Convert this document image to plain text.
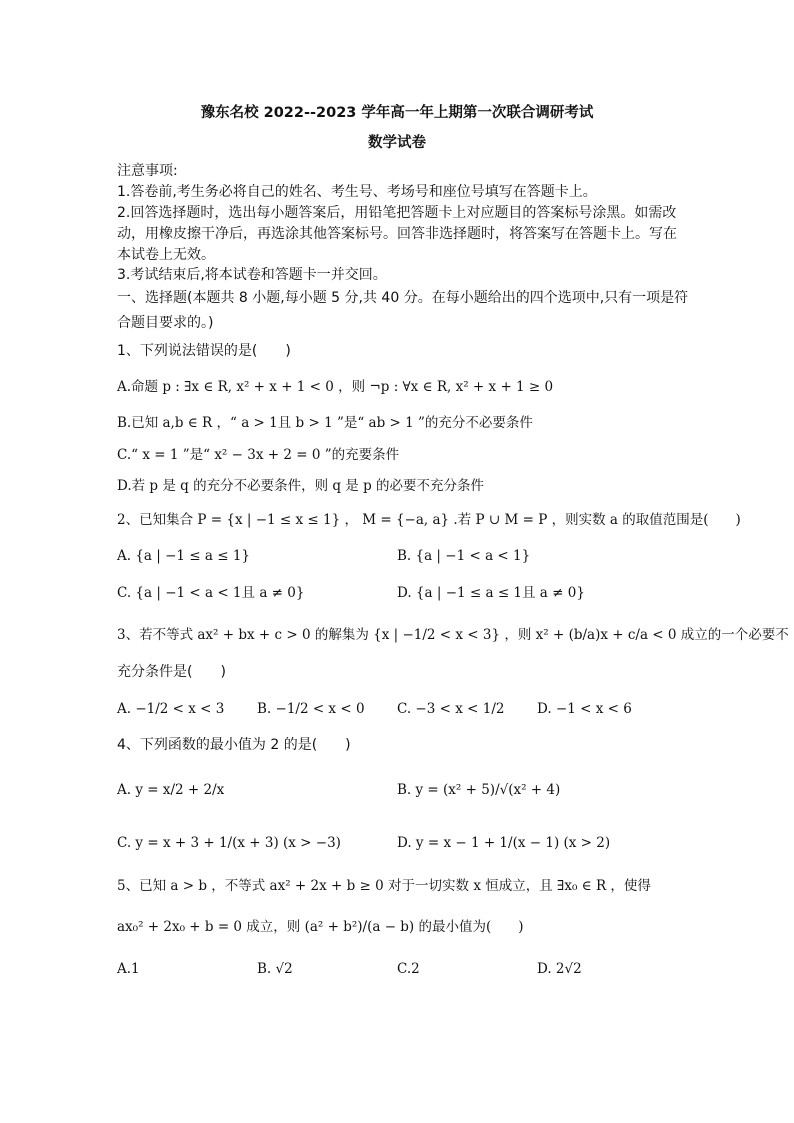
豫东名校 2022--2023 学年高一年上期第一次联合调研考试
数学试卷
注意事项:
1.答卷前,考生务必将自己的姓名、考生号、考场号和座位号填写在答题卡上。
2.回答选择题时，选出每小题答案后，用铅笔把答题卡上对应题目的答案标号涂黑。如需改
动，用橡皮擦干净后，再选涂其他答案标号。回答非选择题时，将答案写在答题卡上。写在
本试卷上无效。
3.考试结束后,将本试卷和答题卡一并交回。
一、选择题(本题共 8 小题,每小题 5 分,共 40 分。在每小题给出的四个选项中,只有一项是符
合题目要求的。)
1、下列说法错误的是(　　)
A.命题 p : ∃x ∈ R, x² + x + 1 < 0 ，则 ¬p : ∀x ∈ R, x² + x + 1 ≥ 0
B.已知 a,b ∈ R ，“ a > 1且 b > 1 ”是“ ab > 1 ”的充分不必要条件
C.“ x = 1 ”是“ x² − 3x + 2 = 0 ”的充要条件
D.若 p 是 q 的充分不必要条件，则 q 是 p 的必要不充分条件
2、已知集合 P = {x | −1 ≤ x ≤ 1} ， M = {−a, a} .若 P ∪ M = P ，则实数 a 的取值范围是(　　)
A. {a | −1 ≤ a ≤ 1}	B. {a | −1 < a < 1}
C. {a | −1 < a < 1且 a ≠ 0}	D. {a | −1 ≤ a ≤ 1且 a ≠ 0}
3、若不等式 ax² + bx + c > 0 的解集为 {x | −1/2 < x < 3} ，则 x² + (b/a)x + c/a < 0 成立的一个必要不
充分条件是(　　)
A. −1/2 < x < 3 B. −1/2 < x < 0 C. −3 < x < 1/2 D. −1 < x < 6
4、下列函数的最小值为 2 的是(　　)
A. y = x/2 + 2/x	B. y = (x² + 5)/√(x² + 4)
C. y = x + 3 + 1/(x + 3) (x > −3)	D. y = x − 1 + 1/(x − 1) (x > 2)
5、已知 a > b ，不等式 ax² + 2x + b ≥ 0 对于一切实数 x 恒成立，且 ∃x₀ ∈ R ，使得
ax₀² + 2x₀ + b = 0 成立，则 (a² + b²)/(a − b) 的最小值为(　　)
A.1	B. √2	C.2	D. 2√2
